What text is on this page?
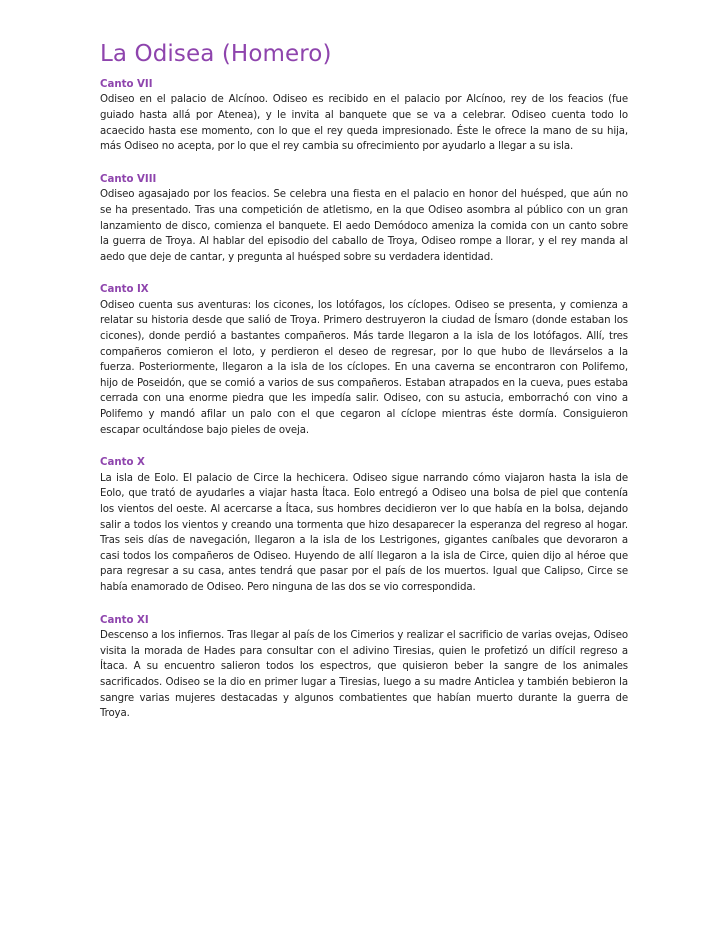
La Odisea (Homero)

Canto VII

Odiseo en el palacio de Alcínoo. Odiseo es recibido en el palacio por Alcínoo, rey de los feacios (fue guiado hasta allá por Atenea), y le invita al banquete que se va a celebrar. Odiseo cuenta todo lo acaecido hasta ese momento, con lo que el rey queda impresionado. Éste le ofrece la mano de su hija, más Odiseo no acepta, por lo que el rey cambia su ofrecimiento por ayudarlo a llegar a su isla.

Canto VIII

Odiseo agasajado por los feacios. Se celebra una fiesta en el palacio en honor del huésped, que aún no se ha presentado. Tras una competición de atletismo, en la que Odiseo asombra al público con un gran lanzamiento de disco, comienza el banquete. El aedo Demódoco ameniza la comida con un canto sobre la guerra de Troya. Al hablar del episodio del caballo de Troya, Odiseo rompe a llorar, y el rey manda al aedo que deje de cantar, y pregunta al huésped sobre su verdadera identidad.

Canto IX

Odiseo cuenta sus aventuras: los cicones, los lotófagos, los cíclopes. Odiseo se presenta, y comienza a relatar su historia desde que salió de Troya. Primero destruyeron la ciudad de Ísmaro (donde estaban los cicones), donde perdió a bastantes compañeros. Más tarde llegaron a la isla de los lotófagos. Allí, tres compañeros comieron el loto, y perdieron el deseo de regresar, por lo que hubo de llevárselos a la fuerza. Posteriormente, llegaron a la isla de los cíclopes. En una caverna se encontraron con Polifemo, hijo de Poseidón, que se comió a varios de sus compañeros. Estaban atrapados en la cueva, pues estaba cerrada con una enorme piedra que les impedía salir. Odiseo, con su astucia, emborrachó con vino a Polifemo y mandó afilar un palo con el que cegaron al cíclope mientras éste dormía. Consiguieron escapar ocultándose bajo pieles de oveja.

Canto X

La isla de Eolo. El palacio de Circe la hechicera. Odiseo sigue narrando cómo viajaron hasta la isla de Eolo, que trató de ayudarles a viajar hasta Ítaca. Eolo entregó a Odiseo una bolsa de piel que contenía los vientos del oeste. Al acercarse a Ítaca, sus hombres decidieron ver lo que había en la bolsa, dejando salir a todos los vientos y creando una tormenta que hizo desaparecer la esperanza del regreso al hogar. Tras seis días de navegación, llegaron a la isla de los Lestrigones, gigantes caníbales que devoraron a casi todos los compañeros de Odiseo. Huyendo de allí llegaron a la isla de Circe, quien dijo al héroe que para regresar a su casa, antes tendrá que pasar por el país de los muertos. Igual que Calipso, Circe se había enamorado de Odiseo. Pero ninguna de las dos se vio correspondida.

Canto XI

Descenso a los infiernos. Tras llegar al país de los Cimerios y realizar el sacrificio de varias ovejas, Odiseo visita la morada de Hades para consultar con el adivino Tiresias, quien le profetizó un difícil regreso a Ítaca. A su encuentro salieron todos los espectros, que quisieron beber la sangre de los animales sacrificados. Odiseo se la dio en primer lugar a Tiresias, luego a su madre Anticlea y también bebieron la sangre varias mujeres destacadas y algunos combatientes que habían muerto durante la guerra de Troya.
